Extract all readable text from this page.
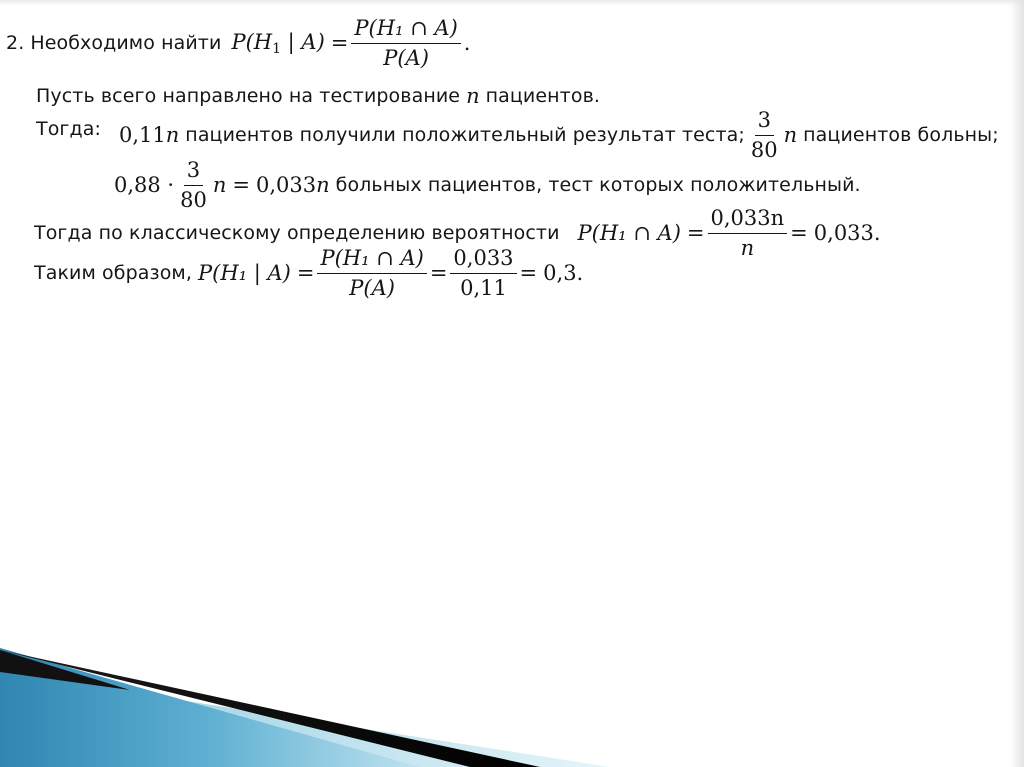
2. Необходимо найти $P(H_1$ | $A) = \frac{\text{P(H₁ ∩ A)}}{P(A)}$ .
Пусть всего направлено на тестирование n пациентов.
Тогда: 0,11 n пациентов получили положительный результат теста; $\frac{3}{80}$ n пациентов больны;
$0,88 \cdot \frac{3}{80}$ n = 0,033 n больных пациентов, тест которых положительный.
Тогда по классическому определению вероятности P(H₁ ∩ $A) = \frac{0,033n}{n} = 0,033$.
Таким образом, P(H₁ | $A) = \frac{\text{P(H₁ ∩ A)}}{P(A)} = \frac{0,033}{0,11} = 0,3$.
